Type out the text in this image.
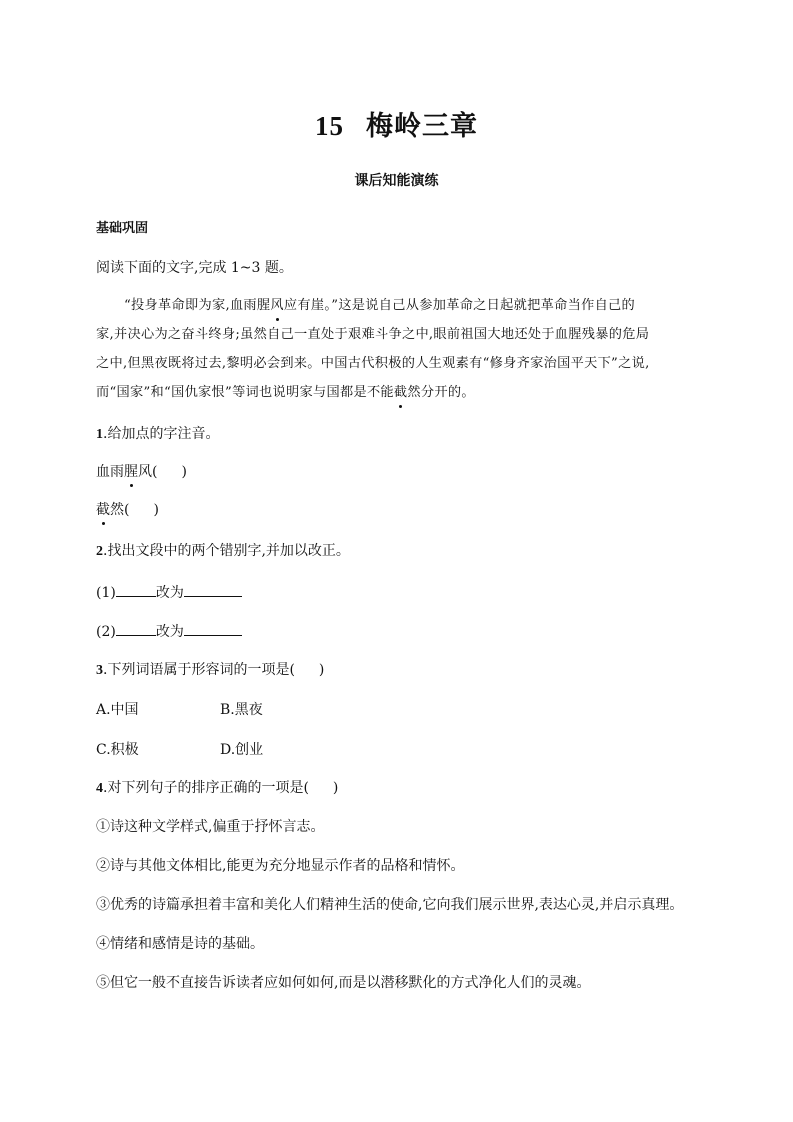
15 梅岭三章
课后知能演练
基础巩固
阅读下面的文字,完成 1~3 题。
“投身革命即为家,血雨腥风应有崖。”这是说自己从参加革命之日起就把革命当作自己的
家,并决心为之奋斗终身;虽然自己一直处于艰难斗争之中,眼前祖国大地还处于血腥残暴的危局
之中,但黑夜既将过去,黎明必会到来。中国古代积极的人生观素有“修身齐家治国平天下”之说,
而“国家”和“国仇家恨”等词也说明家与国都是不能截然分开的。
1.给加点的字注音。
血雨腥风( )
截然( )
2.找出文段中的两个错别字,并加以改正。
(1)	改为
(2)	改为
3.下列词语属于形容词的一项是( )
A.中国	B.黑夜
C.积极	D.创业
4.对下列句子的排序正确的一项是( )
①诗这种文学样式,偏重于抒怀言志。
②诗与其他文体相比,能更为充分地显示作者的品格和情怀。
③优秀的诗篇承担着丰富和美化人们精神生活的使命,它向我们展示世界,表达心灵,并启示真理。
④情绪和感情是诗的基础。
⑤但它一般不直接告诉读者应如何如何,而是以潜移默化的方式净化人们的灵魂。
